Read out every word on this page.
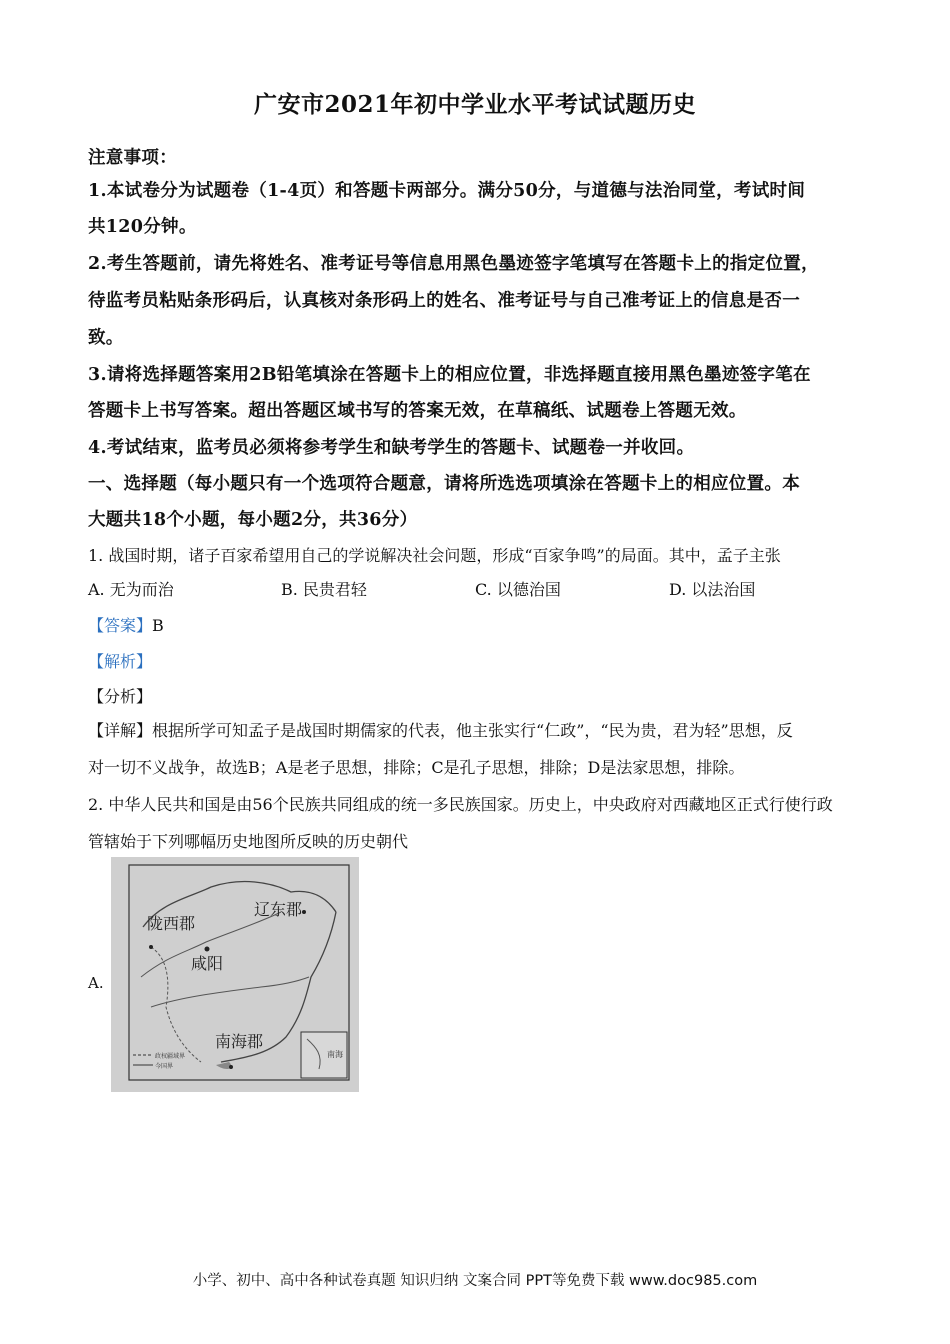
广安市2021年初中学业水平考试试题历史
注意事项：
1.本试卷分为试题卷（1-4页）和答题卡两部分。满分50分，与道德与法治同堂，考试时间
共120分钟。
2.考生答题前，请先将姓名、准考证号等信息用黑色墨迹签字笔填写在答题卡上的指定位置，
待监考员粘贴条形码后，认真核对条形码上的姓名、准考证号与自己准考证上的信息是否一
致。
3.请将选择题答案用2B铅笔填涂在答题卡上的相应位置，非选择题直接用黑色墨迹签字笔在
答题卡上书写答案。超出答题区域书写的答案无效，在草稿纸、试题卷上答题无效。
4.考试结束，监考员必须将参考学生和缺考学生的答题卡、试题卷一并收回。
一、选择题（每小题只有一个选项符合题意，请将所选选项填涂在答题卡上的相应位置。本
大题共18个小题，每小题2分，共36分）
1. 战国时期，诸子百家希望用自己的学说解决社会问题，形成“百家争鸣”的局面。其中，孟子主张
A. 无为而治	B. 民贵君轻	C. 以德治国	D. 以法治国
【答案】B
【解析】
【分析】
【详解】根据所学可知孟子是战国时期儒家的代表，他主张实行“仁政”，“民为贵，君为轻”思想，反
对一切不义战争，故选B；A是老子思想，排除；C是孔子思想，排除；D是法家思想，排除。
2. 中华人民共和国是由56个民族共同组成的统一多民族国家。历史上，中央政府对西藏地区正式行使行政
管辖始于下列哪幅历史地图所反映的历史朝代
A.
辽东郡
陇西郡
咸阳
南海郡
政权疆域界
今国界
南海
小学、初中、高中各种试卷真题 知识归纳 文案合同 PPT等免费下载 www.doc985.com
